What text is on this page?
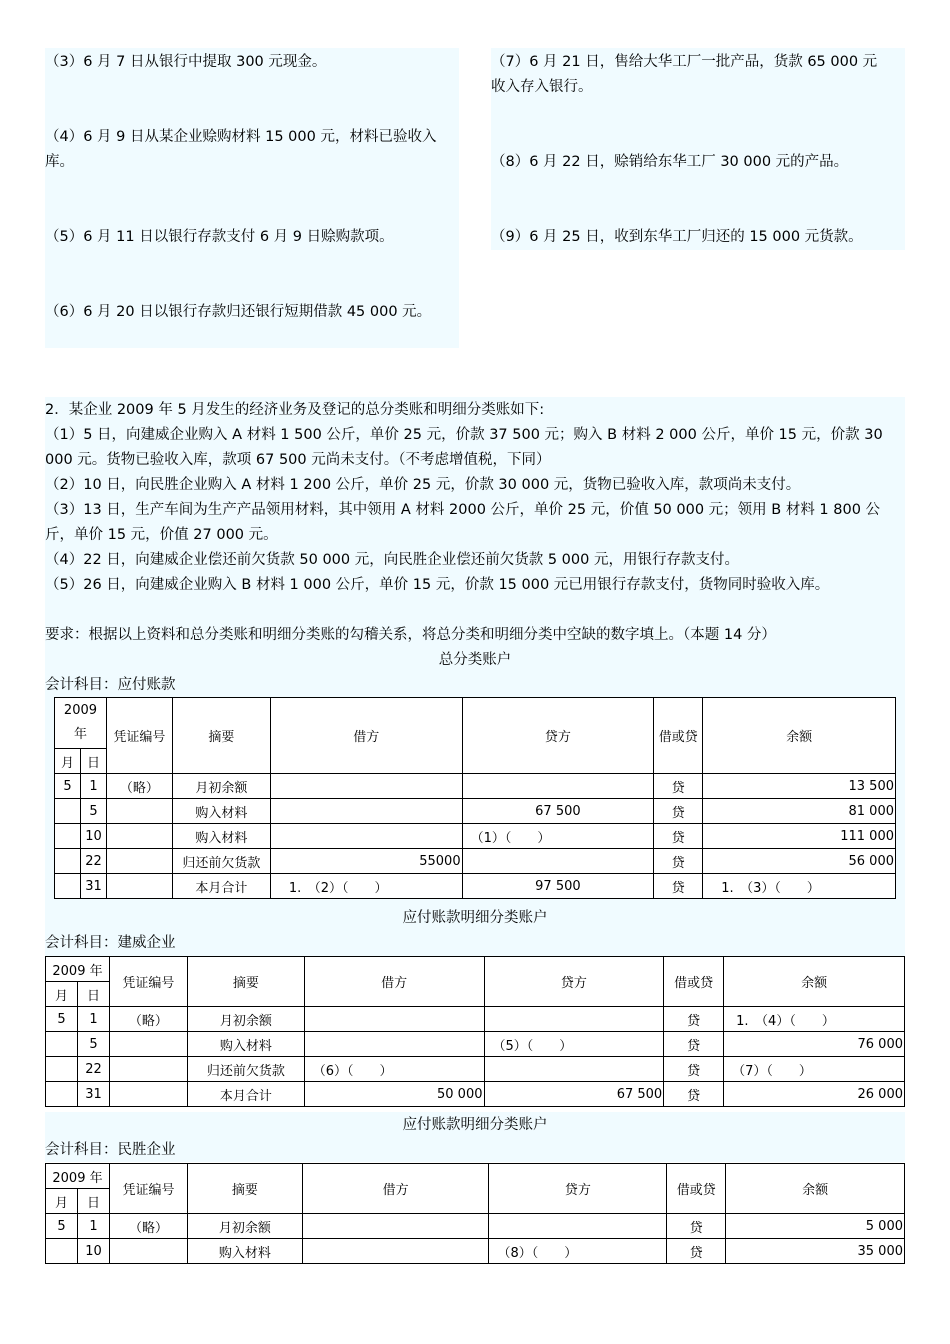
（3）6 月 7 日从银行中提取 300 元现金。
（4）6 月 9 日从某企业赊购材料 15 000 元，材料已验收入库。
（5）6 月 11 日以银行存款支付 6 月 9 日赊购款项。
（6）6 月 20 日以银行存款归还银行短期借款 45 000 元。
（7）6 月 21 日，售给大华工厂一批产品，货款 65 000 元收入存入银行。
（8）6 月 22 日，赊销给东华工厂 30 000 元的产品。
（9）6 月 25 日，收到东华工厂归还的 15 000 元货款。
2．某企业 2009 年 5 月发生的经济业务及登记的总分类账和明细分类账如下:
（1）5 日，向建威企业购入 A 材料 1 500 公斤，单价 25 元，价款 37 500 元；购入 B 材料 2 000 公斤，单价 15 元，价款 30 000 元。货物已验收入库，款项 67 500 元尚未支付。（不考虑增值税，下同）
（2）10 日，向民胜企业购入 A 材料 1 200 公斤，单价 25 元，价款 30 000 元，货物已验收入库，款项尚未支付。
（3）13 日，生产车间为生产产品领用材料，其中领用 A 材料 2000 公斤，单价 25 元，价值 50 000 元；领用 B 材料 1 800 公斤，单价 15 元，价值 27 000 元。
（4）22 日，向建威企业偿还前欠货款 50 000 元，向民胜企业偿还前欠货款 5 000 元，用银行存款支付。
（5）26 日，向建威企业购入 B 材料 1 000 公斤，单价 15 元，价款 15 000 元已用银行存款支付，货物同时验收入库。
要求：根据以上资料和总分类账和明细分类账的勾稽关系，将总分类和明细分类中空缺的数字填上。（本题 14 分）
总分类账户
会计科目：应付账款
2009 年		凭证编号	摘要	借方	贷方	借或贷	余额
月	日						
5	1	（略）	月初余额			贷	13 500
	5		购入材料		67 500	贷	81 000
	10		购入材料		（1）（　　）	贷	111 000
	22		归还前欠货款	55000		贷	56 000
	31		本月合计	1.　（2）（　　）	97 500	贷	1.　（3）（　　）
应付账款明细分类账户
会计科目：建威企业
2009 年		凭证编号	摘要	借方	贷方	借或贷	余额
月	日						
5	1	（略）	月初余额			贷	1.　（4）（　　）
	5		购入材料		（5）（　　）	贷	76 000
	22		归还前欠货款	（6）（　　）		贷	（7）（　　）
	31		本月合计	50 000	67 500	贷	26 000
应付账款明细分类账户
会计科目：民胜企业
2009 年		凭证编号	摘要	借方	贷方	借或贷	余额
月	日						
5	1	（略）	月初余额			贷	5 000
	10		购入材料		（8）（　　）	贷	35 000
